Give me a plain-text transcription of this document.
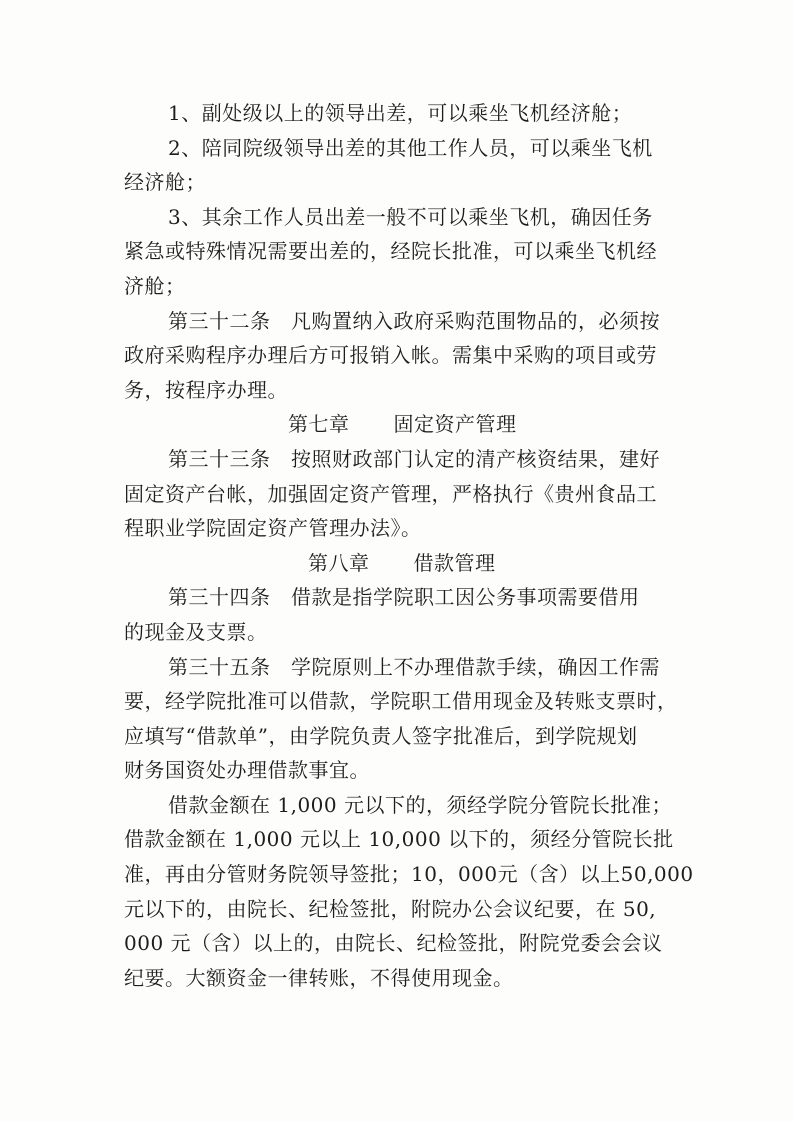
1、副处级以上的领导出差，可以乘坐飞机经济舱；
2、陪同院级领导出差的其他工作人员，可以乘坐飞机
经济舱；
3、其余工作人员出差一般不可以乘坐飞机，确因任务
紧急或特殊情况需要出差的，经院长批准，可以乘坐飞机经
济舱；
第三十二条　凡购置纳入政府采购范围物品的，必须按
政府采购程序办理后方可报销入帐。需集中采购的项目或劳
务，按程序办理。
第七章 固定资产管理
第三十三条　按照财政部门认定的清产核资结果，建好
固定资产台帐，加强固定资产管理，严格执行《贵州食品工
程职业学院固定资产管理办法》。
第八章 借款管理
第三十四条　借款是指学院职工因公务事项需要借用
的现金及支票。
第三十五条　学院原则上不办理借款手续，确因工作需
要，经学院批准可以借款，学院职工借用现金及转账支票时，
应填写“借款单”，由学院负责人签字批准后，到学院规划
财务国资处办理借款事宜。
借款金额在 1,000 元以下的，须经学院分管院长批准；
借款金额在 1,000 元以上 10,000 以下的，须经分管院长批
准，再由分管财务院领导签批；10，000元（含）以上50,000
元以下的，由院长、纪检签批，附院办公会议纪要，在 50,
000 元（含）以上的，由院长、纪检签批，附院党委会会议
纪要。大额资金一律转账，不得使用现金。
